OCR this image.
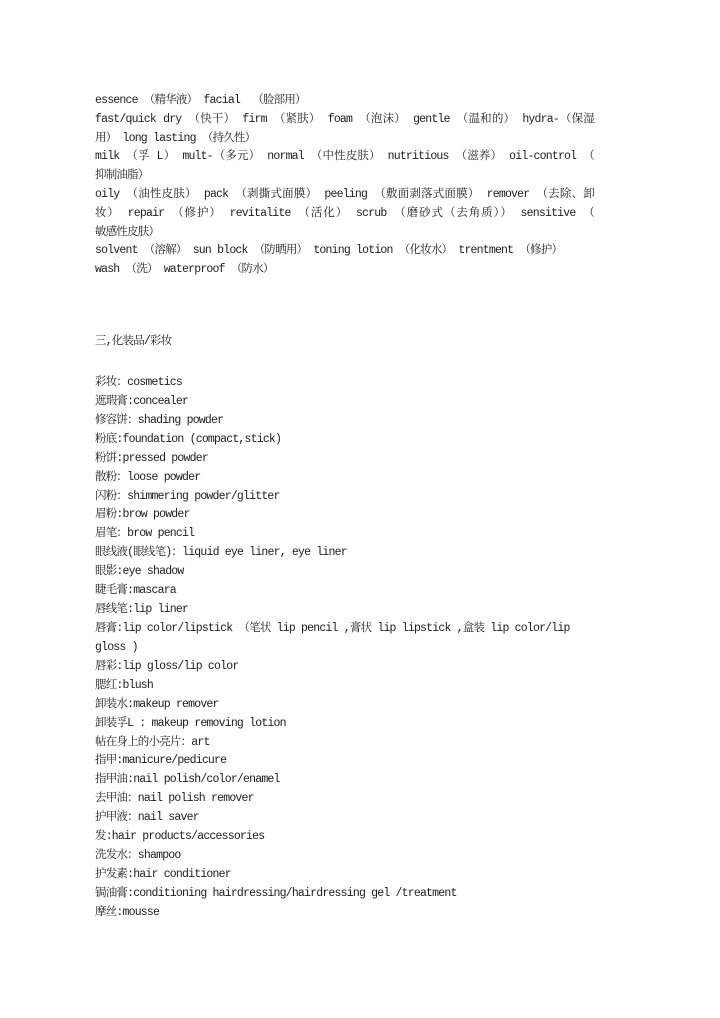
essence （精华液） facial  （脸部用）
fast/quick dry （快干） firm （紧肤） foam （泡沫） gentle （温和的） hydra-（保湿
用） long lasting （持久性）
milk （孚 L） mult-（多元） normal （中性皮肤） nutritious （滋养） oil-control （
抑制油脂）
oily （油性皮肤） pack （剥撕式面膜） peeling （敷面剥落式面膜） remover （去除、卸
妆） repair （修护） revitalite （活化） scrub （磨砂式（去角质）） sensitive （
敏感性皮肤）
solvent （溶解） sun block （防晒用） toning lotion （化妆水） trentment （修护）
wash （洗） waterproof （防水）
三,化装品/彩妆
彩妆：cosmetics
遮瑕膏:concealer
修容饼：shading powder
粉底:foundation (compact,stick)
粉饼:pressed powder
散粉：loose powder
闪粉：shimmering powder/glitter
眉粉:brow powder
眉笔：brow pencil
眼线液(眼线笔)：liquid eye liner, eye liner
眼影:eye shadow
睫毛膏:mascara
唇线笔:lip liner
唇膏:lip color/lipstick （笔状 lip pencil ,膏状 lip lipstick ,盒装 lip color/lip
gloss )
唇彩:lip gloss/lip color
腮红:blush
卸装水:makeup remover
卸装孚L : makeup removing lotion
帖在身上的小亮片：art
指甲:manicure/pedicure
指甲油:nail polish/color/enamel
去甲油：nail polish remover
护甲液：nail saver
发:hair products/accessories
洗发水：shampoo
护发素:hair conditioner
锔油膏:conditioning hairdressing/hairdressing gel /treatment
摩丝:mousse
